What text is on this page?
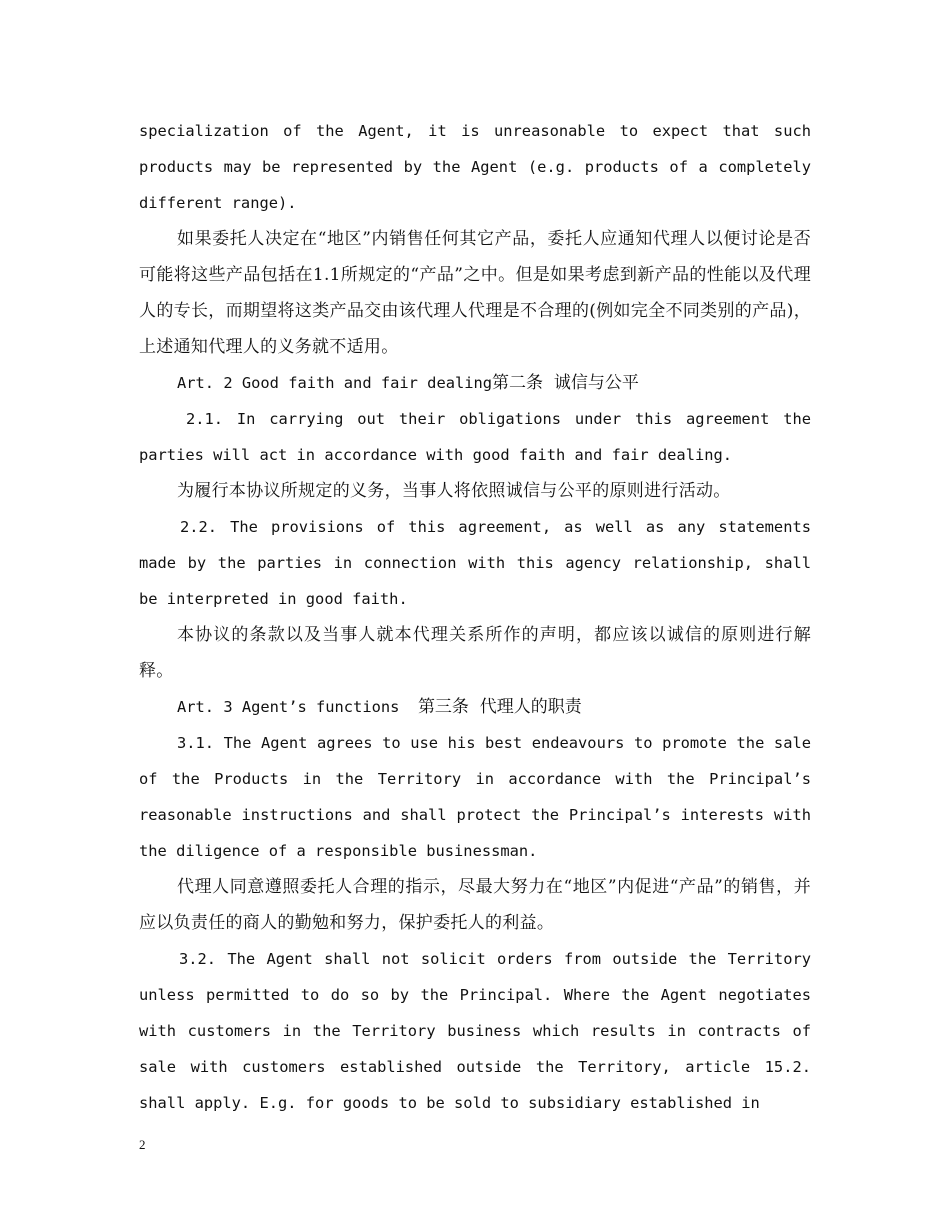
specialization of the Agent, it is unreasonable to expect that such products may be represented by the Agent (e.g. products of a completely different range).

如果委托人决定在“地区”内销售任何其它产品，委托人应通知代理人以便讨论是否可能将这些产品包括在1.1所规定的“产品”之中。但是如果考虑到新产品的性能以及代理人的专长，而期望将这类产品交由该代理人代理是不合理的(例如完全不同类别的产品)，上述通知代理人的义务就不适用。

Art. 2 Good faith and fair dealing第二条  诚信与公平

2.1. In carrying out their obligations under this agreement the parties will act in accordance with good faith and fair dealing.

为履行本协议所规定的义务，当事人将依照诚信与公平的原则进行活动。

2.2. The provisions of this agreement, as well as any statements made by the parties in connection with this agency relationship, shall be interpreted in good faith.

本协议的条款以及当事人就本代理关系所作的声明，都应该以诚信的原则进行解释。

Art. 3 Agent’s functions 第三条  代理人的职责

3.1. The Agent agrees to use his best endeavours to promote the sale of the Products in the Territory in accordance with the Principal’s reasonable instructions and shall protect the Principal’s interests with the diligence of a responsible businessman.

代理人同意遵照委托人合理的指示，尽最大努力在“地区”内促进“产品”的销售，并应以负责任的商人的勤勉和努力，保护委托人的利益。

3.2. The Agent shall not solicit orders from outside the Territory unless permitted to do so by the Principal. Where the Agent negotiates with customers in the Territory business which results in contracts of sale with customers established outside the Territory, article 15.2. shall apply. E.g. for goods to be sold to subsidiary established in

2
